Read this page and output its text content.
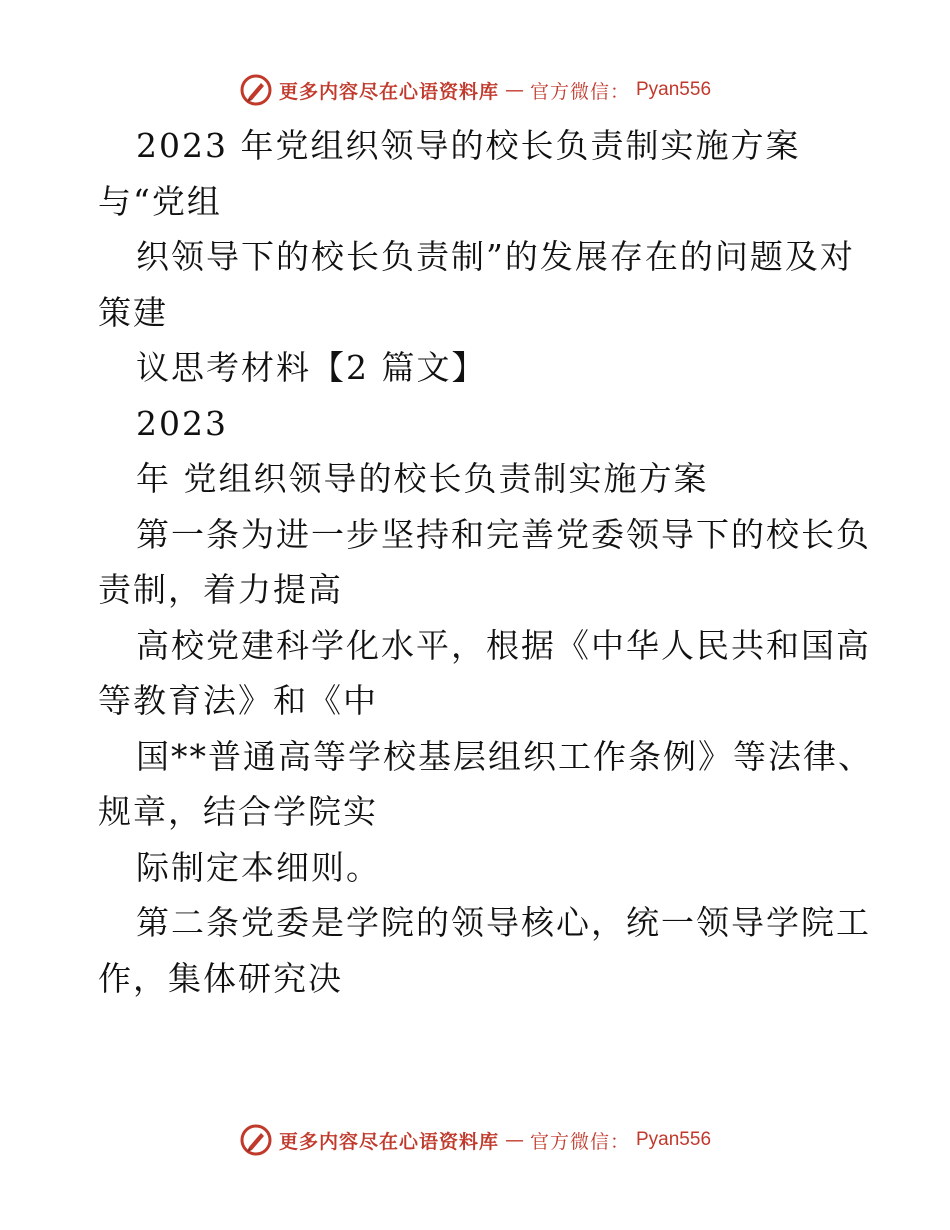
更多内容尽在心语资料库 — 官方微信： Pyan556
2023 年党组织领导的校长负责制实施方案
与“党组
织领导下的校长负责制”的发展存在的问题及对
策建
议思考材料【2 篇文】
2023
年 党组织领导的校长负责制实施方案
第一条为进一步坚持和完善党委领导下的校长负
责制，着力提高
高校党建科学化水平，根据《中华人民共和国高
等教育法》和《中
国**普通高等学校基层组织工作条例》等法律、
规章，结合学院实
际制定本细则。
第二条党委是学院的领导核心，统一领导学院工
作，集体研究决
更多内容尽在心语资料库 — 官方微信： Pyan556
